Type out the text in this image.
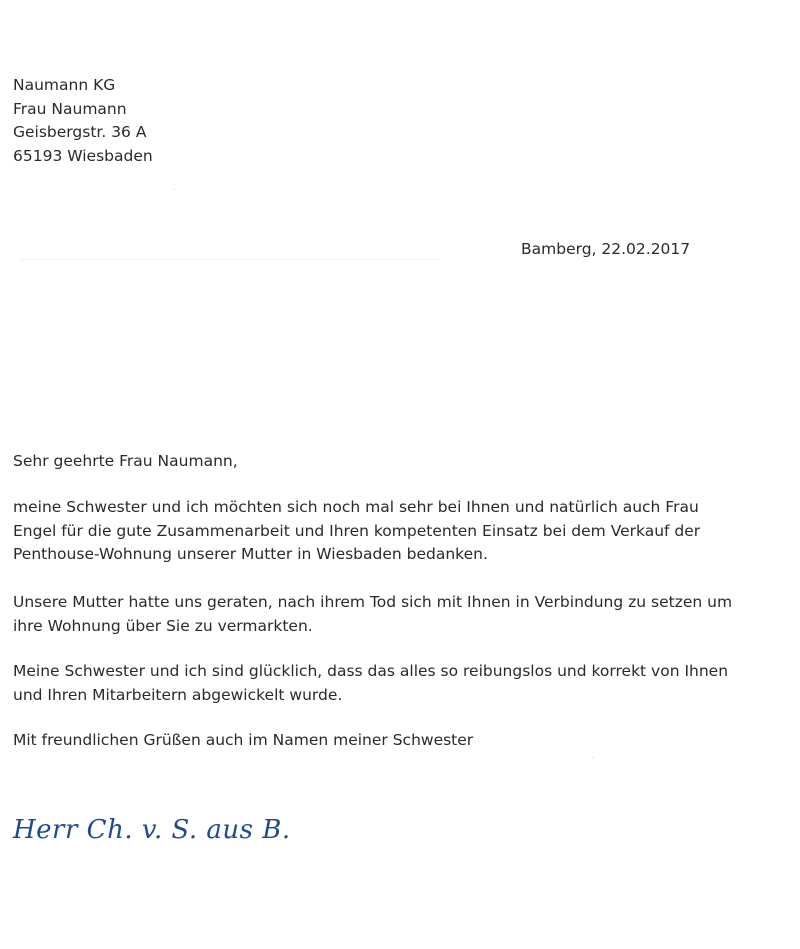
Naumann KG
Frau Naumann
Geisbergstr. 36 A
65193 Wiesbaden
Bamberg, 22.02.2017
Sehr geehrte Frau Naumann,
meine Schwester und ich möchten sich noch mal sehr bei Ihnen und natürlich auch Frau
Engel für die gute Zusammenarbeit und Ihren kompetenten Einsatz bei dem Verkauf der
Penthouse-Wohnung unserer Mutter in Wiesbaden bedanken.
Unsere Mutter hatte uns geraten, nach ihrem Tod sich mit Ihnen in Verbindung zu setzen um
ihre Wohnung über Sie zu vermarkten.
Meine Schwester und ich sind glücklich, dass das alles so reibungslos und korrekt von Ihnen
und Ihren Mitarbeitern abgewickelt wurde.
Mit freundlichen Grüßen auch im Namen meiner Schwester
Herr Ch. v. S. aus B.
